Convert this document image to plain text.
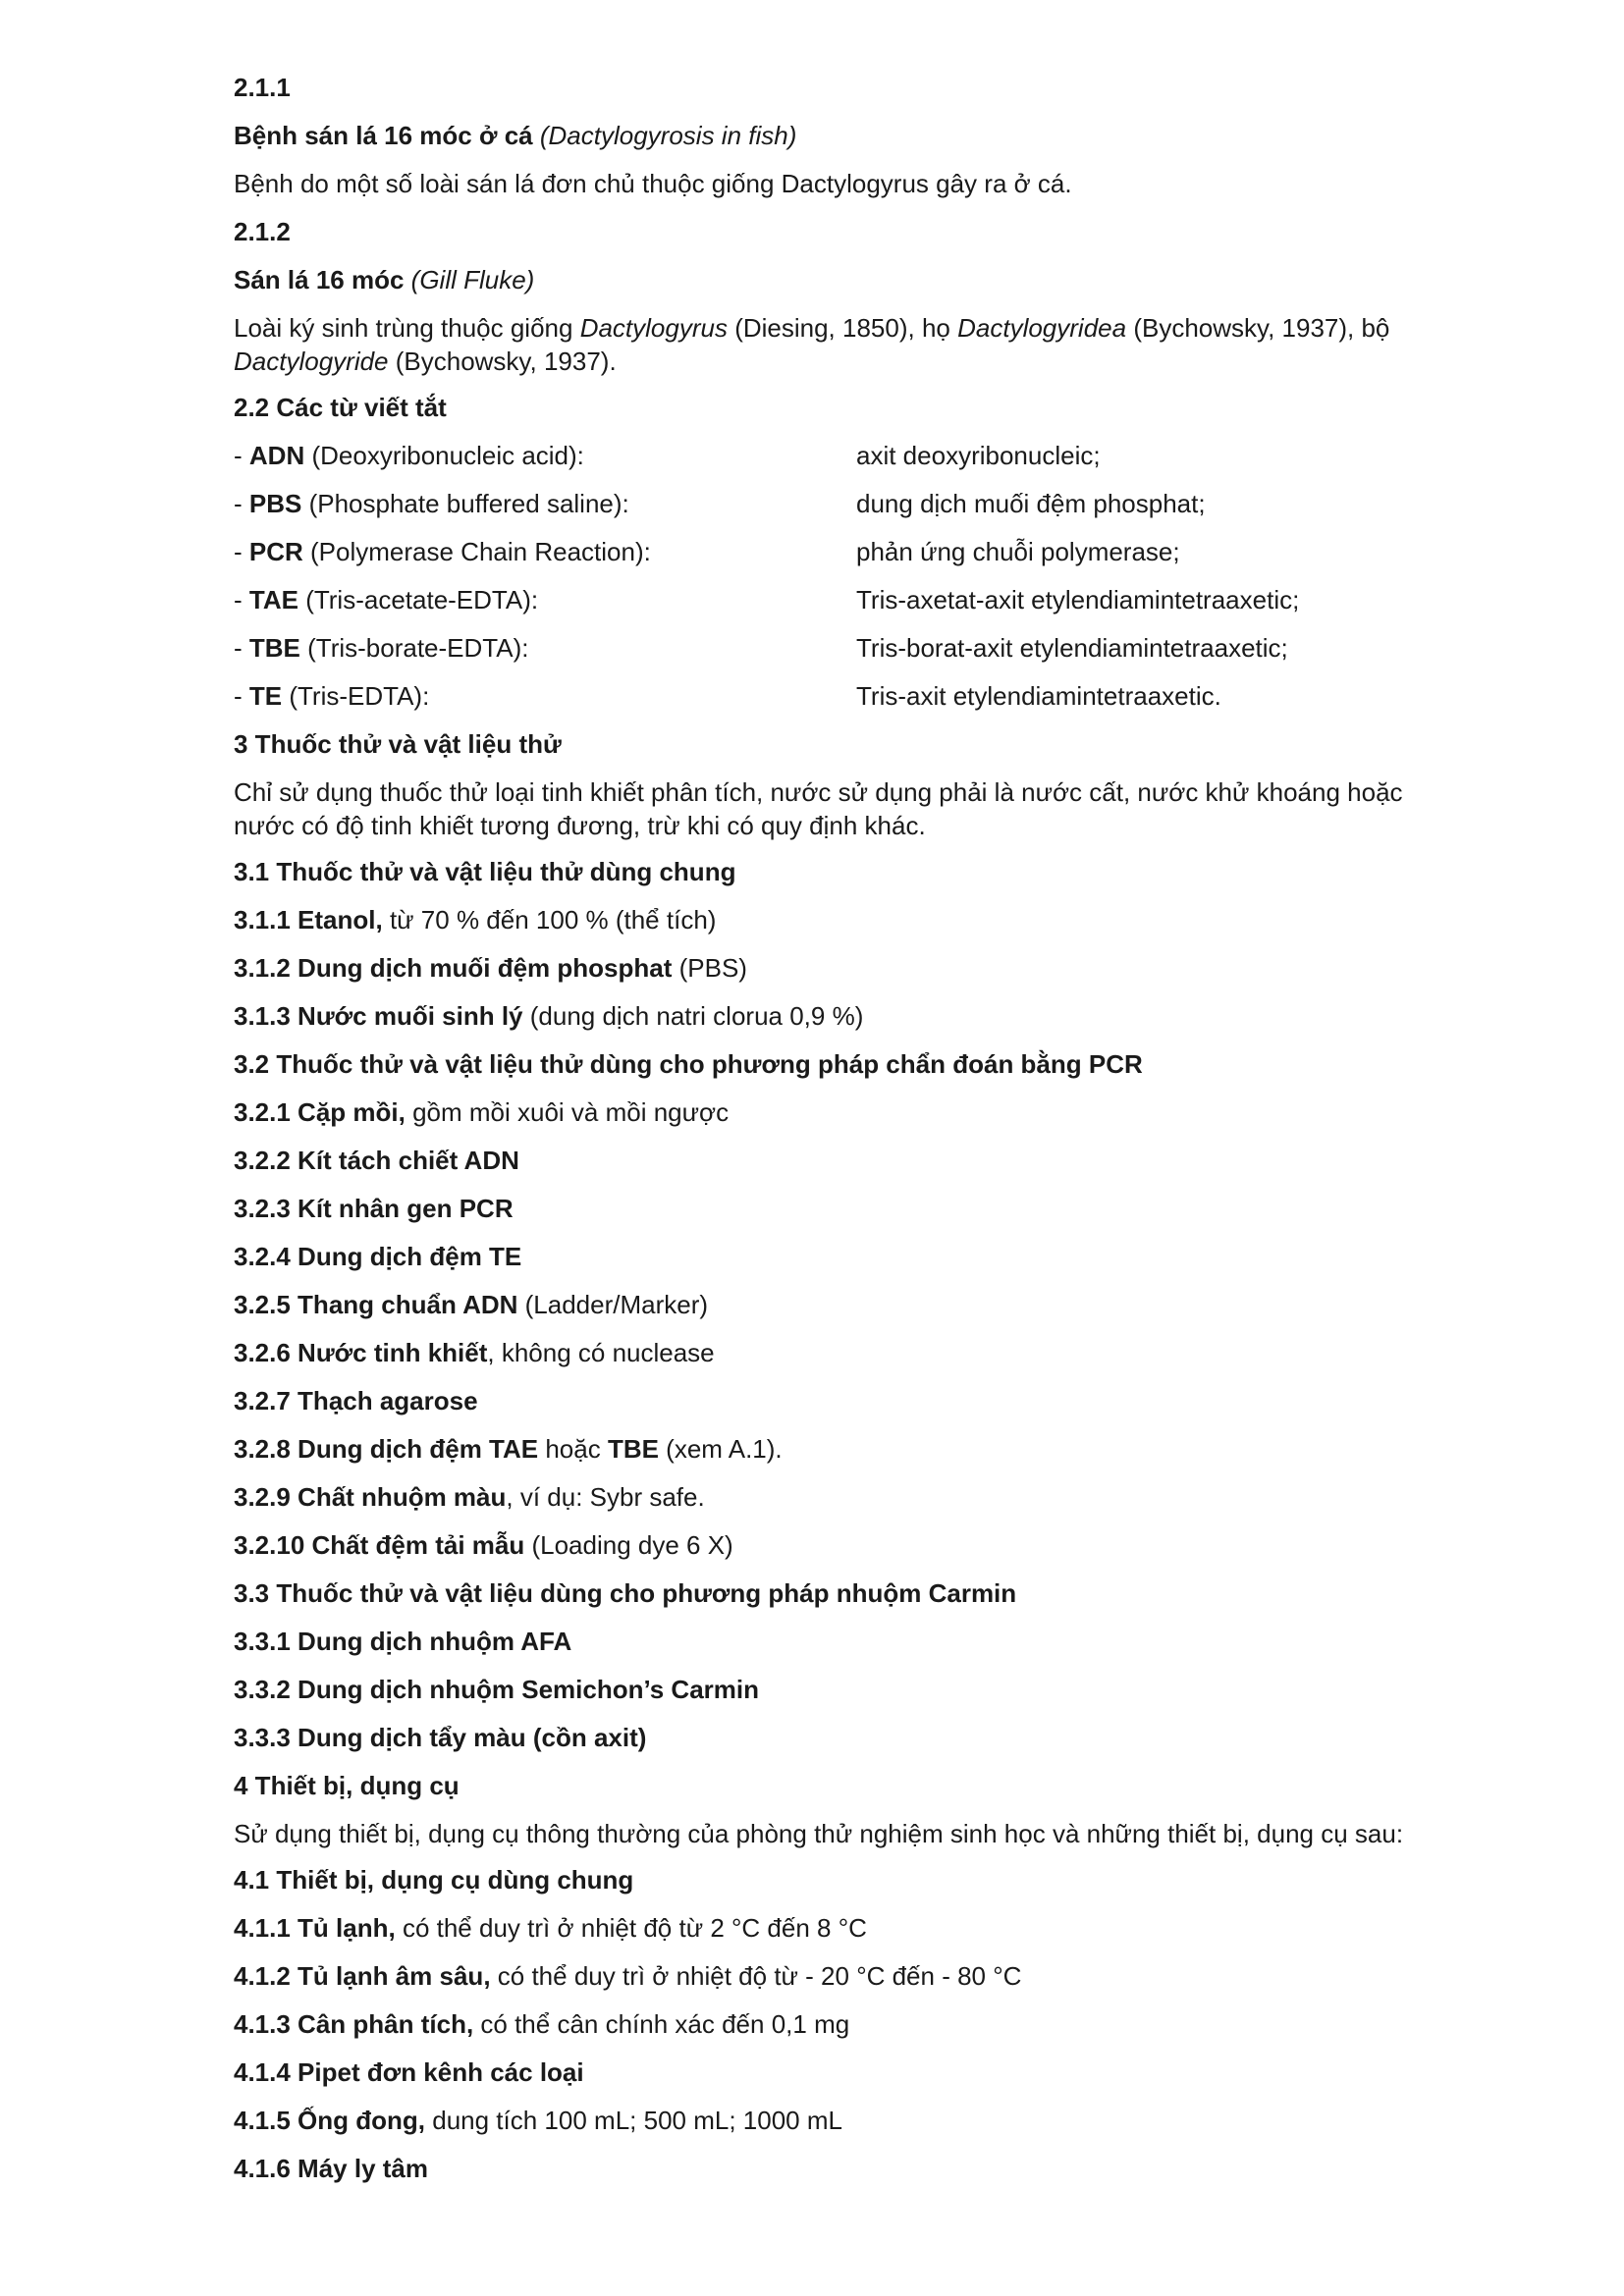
2.1.1

Bệnh sán lá 16 móc ở cá (Dactylogyrosis in fish)

Bệnh do một số loài sán lá đơn chủ thuộc giống Dactylogyrus gây ra ở cá.

2.1.2

Sán lá 16 móc (Gill Fluke)

Loài ký sinh trùng thuộc giống Dactylogyrus (Diesing, 1850), họ Dactylogyridea (Bychowsky, 1937), bộ Dactylogyride (Bychowsky, 1937).

2.2 Các từ viết tắt

- ADN (Deoxyribonucleic acid):	axit deoxyribonucleic;
- PBS (Phosphate buffered saline):	dung dịch muối đệm phosphat;
- PCR (Polymerase Chain Reaction):	phản ứng chuỗi polymerase;
- TAE (Tris-acetate-EDTA):	Tris-axetat-axit etylendiamintetraaxetic;
- TBE (Tris-borate-EDTA):	Tris-borat-axit etylendiamintetraaxetic;
- TE (Tris-EDTA):	Tris-axit etylendiamintetraaxetic.

3 Thuốc thử và vật liệu thử

Chỉ sử dụng thuốc thử loại tinh khiết phân tích, nước sử dụng phải là nước cất, nước khử khoáng hoặc nước có độ tinh khiết tương đương, trừ khi có quy định khác.

3.1 Thuốc thử và vật liệu thử dùng chung

3.1.1 Etanol, từ 70 % đến 100 % (thể tích)

3.1.2 Dung dịch muối đệm phosphat (PBS)

3.1.3 Nước muối sinh lý (dung dịch natri clorua 0,9 %)

3.2 Thuốc thử và vật liệu thử dùng cho phương pháp chẩn đoán bằng PCR

3.2.1 Cặp mồi, gồm mồi xuôi và mồi ngược

3.2.2 Kít tách chiết ADN

3.2.3 Kít nhân gen PCR

3.2.4 Dung dịch đệm TE

3.2.5 Thang chuẩn ADN (Ladder/Marker)

3.2.6 Nước tinh khiết, không có nuclease

3.2.7 Thạch agarose

3.2.8 Dung dịch đệm TAE hoặc TBE (xem A.1).

3.2.9 Chất nhuộm màu, ví dụ: Sybr safe.

3.2.10 Chất đệm tải mẫu (Loading dye 6 X)

3.3 Thuốc thử và vật liệu dùng cho phương pháp nhuộm Carmin

3.3.1 Dung dịch nhuộm AFA

3.3.2 Dung dịch nhuộm Semichon’s Carmin

3.3.3 Dung dịch tẩy màu (cồn axit)

4 Thiết bị, dụng cụ

Sử dụng thiết bị, dụng cụ thông thường của phòng thử nghiệm sinh học và những thiết bị, dụng cụ sau:

4.1 Thiết bị, dụng cụ dùng chung

4.1.1 Tủ lạnh, có thể duy trì ở nhiệt độ từ 2 °C đến 8 °C

4.1.2 Tủ lạnh âm sâu, có thể duy trì ở nhiệt độ từ - 20 °C đến - 80 °C

4.1.3 Cân phân tích, có thể cân chính xác đến 0,1 mg

4.1.4 Pipet đơn kênh các loại

4.1.5 Ống đong, dung tích 100 mL; 500 mL; 1000 mL

4.1.6 Máy ly tâm
